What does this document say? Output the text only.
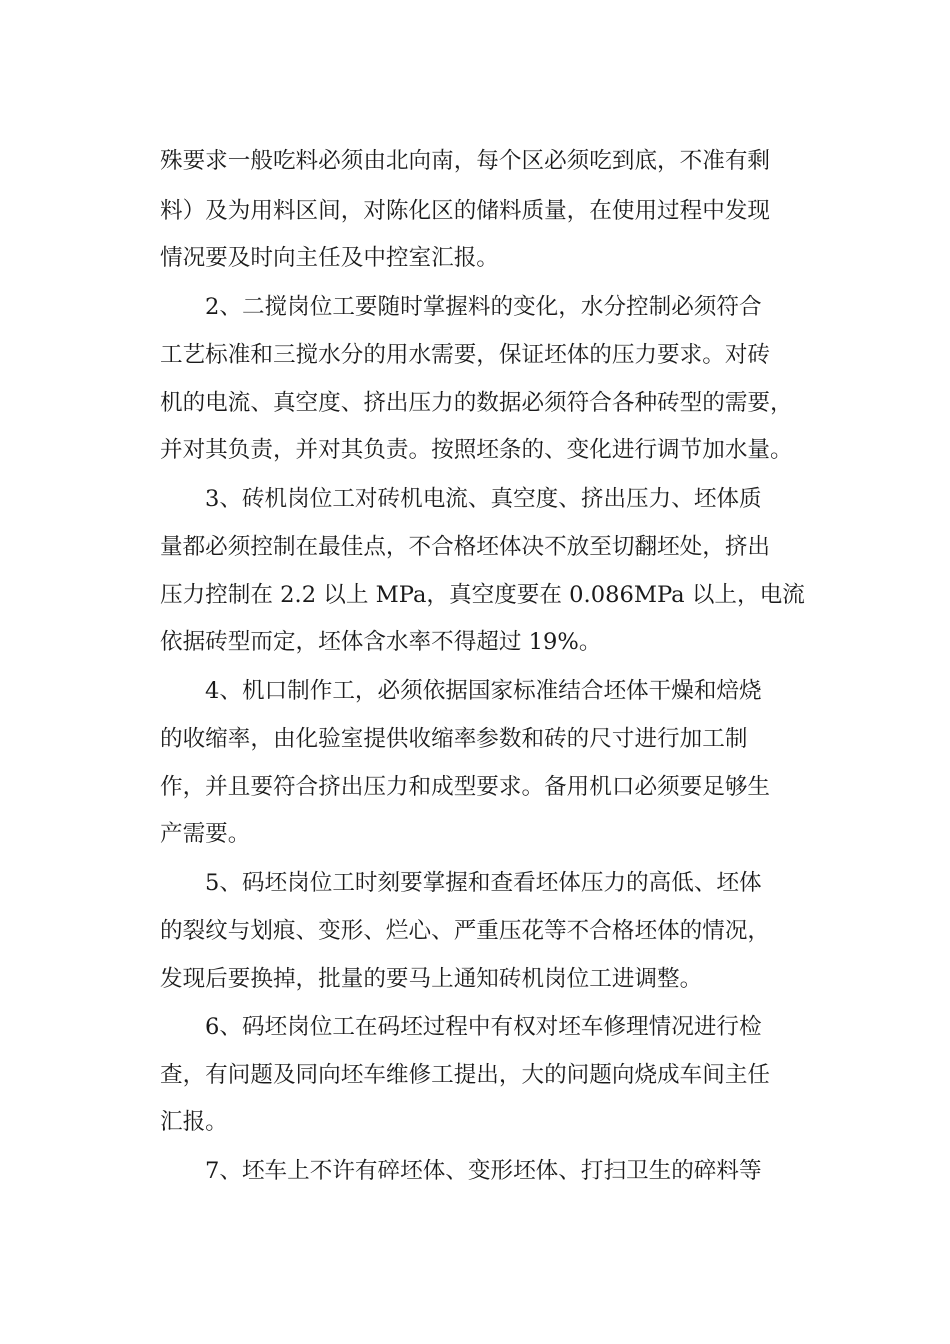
殊要求一般吃料必须由北向南，每个区必须吃到底，不准有剩
料）及为用料区间，对陈化区的储料质量，在使用过程中发现
情况要及时向主任及中控室汇报。
2、二搅岗位工要随时掌握料的变化，水分控制必须符合
工艺标准和三搅水分的用水需要，保证坯体的压力要求。对砖
机的电流、真空度、挤出压力的数据必须符合各种砖型的需要，
并对其负责，并对其负责。按照坯条的、变化进行调节加水量。
3、砖机岗位工对砖机电流、真空度、挤出压力、坯体质
量都必须控制在最佳点，不合格坯体决不放至切翻坯处，挤出
压力控制在 2.2 以上 MPa，真空度要在 0.086MPa 以上，电流
依据砖型而定，坯体含水率不得超过 19%。
4、机口制作工，必须依据国家标准结合坯体干燥和焙烧
的收缩率，由化验室提供收缩率参数和砖的尺寸进行加工制
作，并且要符合挤出压力和成型要求。备用机口必须要足够生
产需要。
5、码坯岗位工时刻要掌握和查看坯体压力的高低、坯体
的裂纹与划痕、变形、烂心、严重压花等不合格坯体的情况，
发现后要换掉，批量的要马上通知砖机岗位工进调整。
6、码坯岗位工在码坯过程中有权对坯车修理情况进行检
查，有问题及同向坯车维修工提出，大的问题向烧成车间主任
汇报。
7、坯车上不许有碎坯体、变形坯体、打扫卫生的碎料等
